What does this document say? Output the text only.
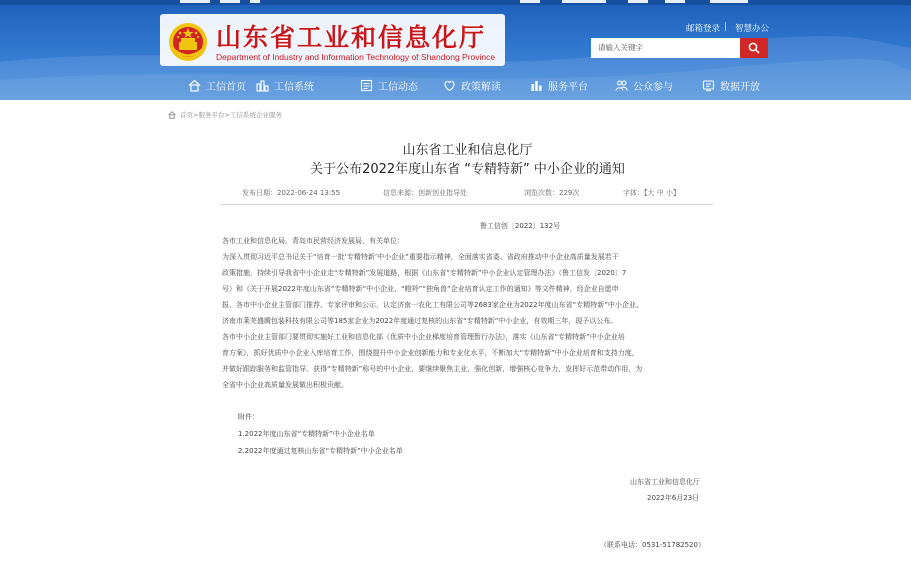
山东省工业和信息化厅
Department of Industry and Information Technology of Shandong Province
邮箱登录 | 智慧办公
请输入关键字
工信首页	工信系统	工信动态	政策解读	服务平台	公众参与	数据开放
首页>服务平台>工信系统企业服务
山东省工业和信息化厅
关于公布2022年度山东省 “专精特新” 中小企业的通知
发布日期：2022-06-24 13:55	信息来源：创新创业指导处	浏览次数：229次	字体：【大 中 小】
鲁工信创〔2022〕132号
各市工业和信息化局，青岛市民营经济发展局，有关单位：
为深入贯彻习近平总书记关于“培育一批‘专精特新’中小企业”重要指示精神，全面落实省委、省政府推动中小企业高质量发展若干
政策措施，持续引导我省中小企业走“专精特新”发展道路，根据《山东省“专精特新”中小企业认定管理办法》（鲁工信发〔2020〕7
号）和《关于开展2022年度山东省“专精特新”中小企业、“瞪羚”“独角兽”企业培育认定工作的通知》等文件精神，经企业自愿申
报、各市中小企业主管部门推荐、专家评审和公示，认定济南一农化工有限公司等2683家企业为2022年度山东省“专精特新”中小企业、
济南市莱芜盛腾包装科技有限公司等185家企业为2022年度通过复核的山东省“专精特新”中小企业，有效期三年，现予以公布。
各市中小企业主管部门要贯彻实施好工业和信息化部《优质中小企业梯度培育管理暂行办法》，落实《山东省“专精特新”中小企业培
育方案》，抓好优质中小企业入库培育工作，围绕提升中小企业创新能力和专业化水平，不断加大“专精特新”中小企业培育和支持力度，
并做好跟踪服务和监管指导。获得“专精特新”称号的中小企业，要继续聚焦主业，强化创新，增强核心竞争力，发挥好示范带动作用，为
全省中小企业高质量发展做出积极贡献。
附件：
1.2022年度山东省“专精特新”中小企业名单
2.2022年度通过复核山东省“专精特新”中小企业名单
山东省工业和信息化厅
2022年6月23日
（联系电话：0531-51782520）
